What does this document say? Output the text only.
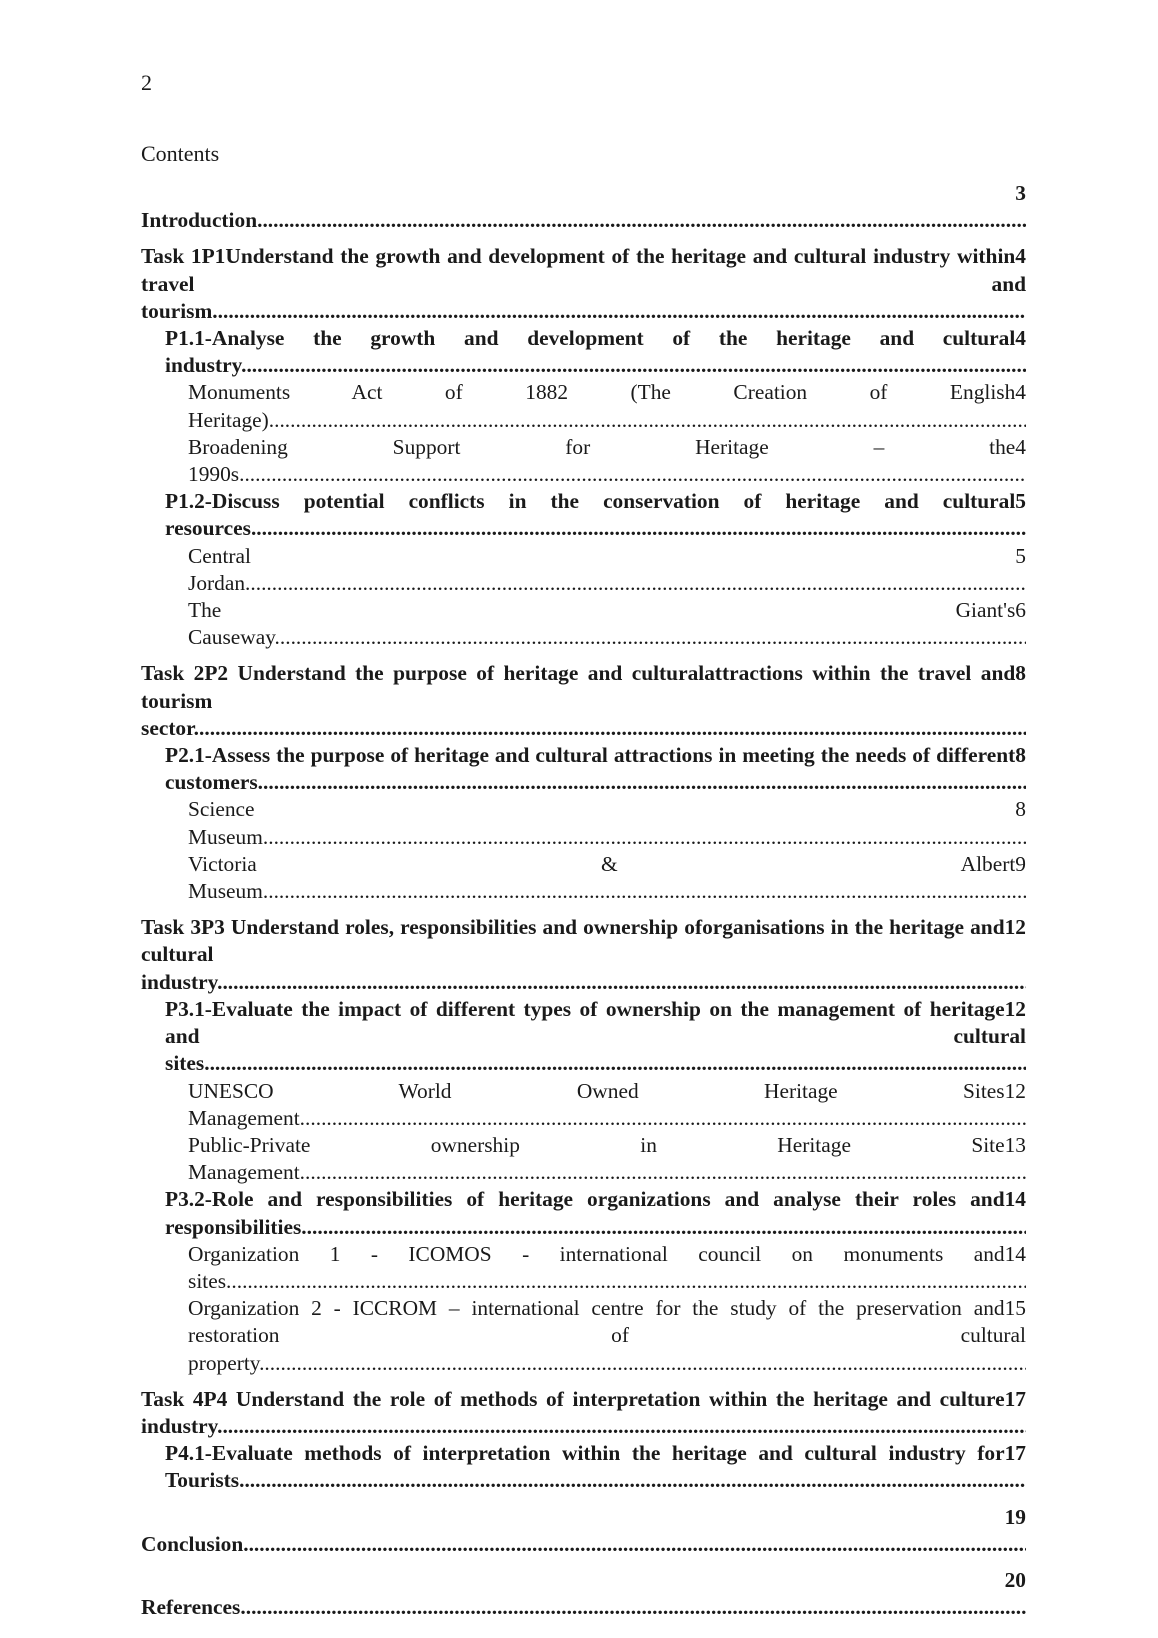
2
Contents
3
Introduction .....
4
Task 1P1Understand the growth and development of the heritage and cultural industry within travel and tourism .....
4
P1.1-Analyse the growth and development of the heritage and cultural industry .....
4
Monuments Act of 1882 (The Creation of English Heritage) .....
4
Broadening Support for Heritage – the 1990s .....
5
P1.2-Discuss potential conflicts in the conservation of heritage and cultural resources .....
5
Central Jordan .....
6
The Giant's Causeway .....
8
Task 2P2 Understand the purpose of heritage and culturalattractions within the travel and tourism sector .....
8
P2.1-Assess the purpose of heritage and cultural attractions in meeting the needs of different customers .....
8
Science Museum .....
9
Victoria & Albert Museum .....
12
Task 3P3 Understand roles, responsibilities and ownership oforganisations in the heritage and cultural industry .....
12
P3.1-Evaluate the impact of different types of ownership on the management of heritage and cultural sites .....
12
UNESCO World Owned Heritage Sites Management .....
13
Public-Private ownership in Heritage Site Management .....
14
P3.2-Role and responsibilities of heritage organizations and analyse their roles and responsibilities .....
14
Organization 1 - ICOMOS - international council on monuments and sites .....
15
Organization 2 - ICCROM – international centre for the study of the preservation and restoration of cultural property .....
17
Task 4P4 Understand the role of methods of interpretation within the heritage and culture industry .....
17
P4.1-Evaluate methods of interpretation within the heritage and cultural industry for Tourists .....
19
Conclusion .....
20
References .....
